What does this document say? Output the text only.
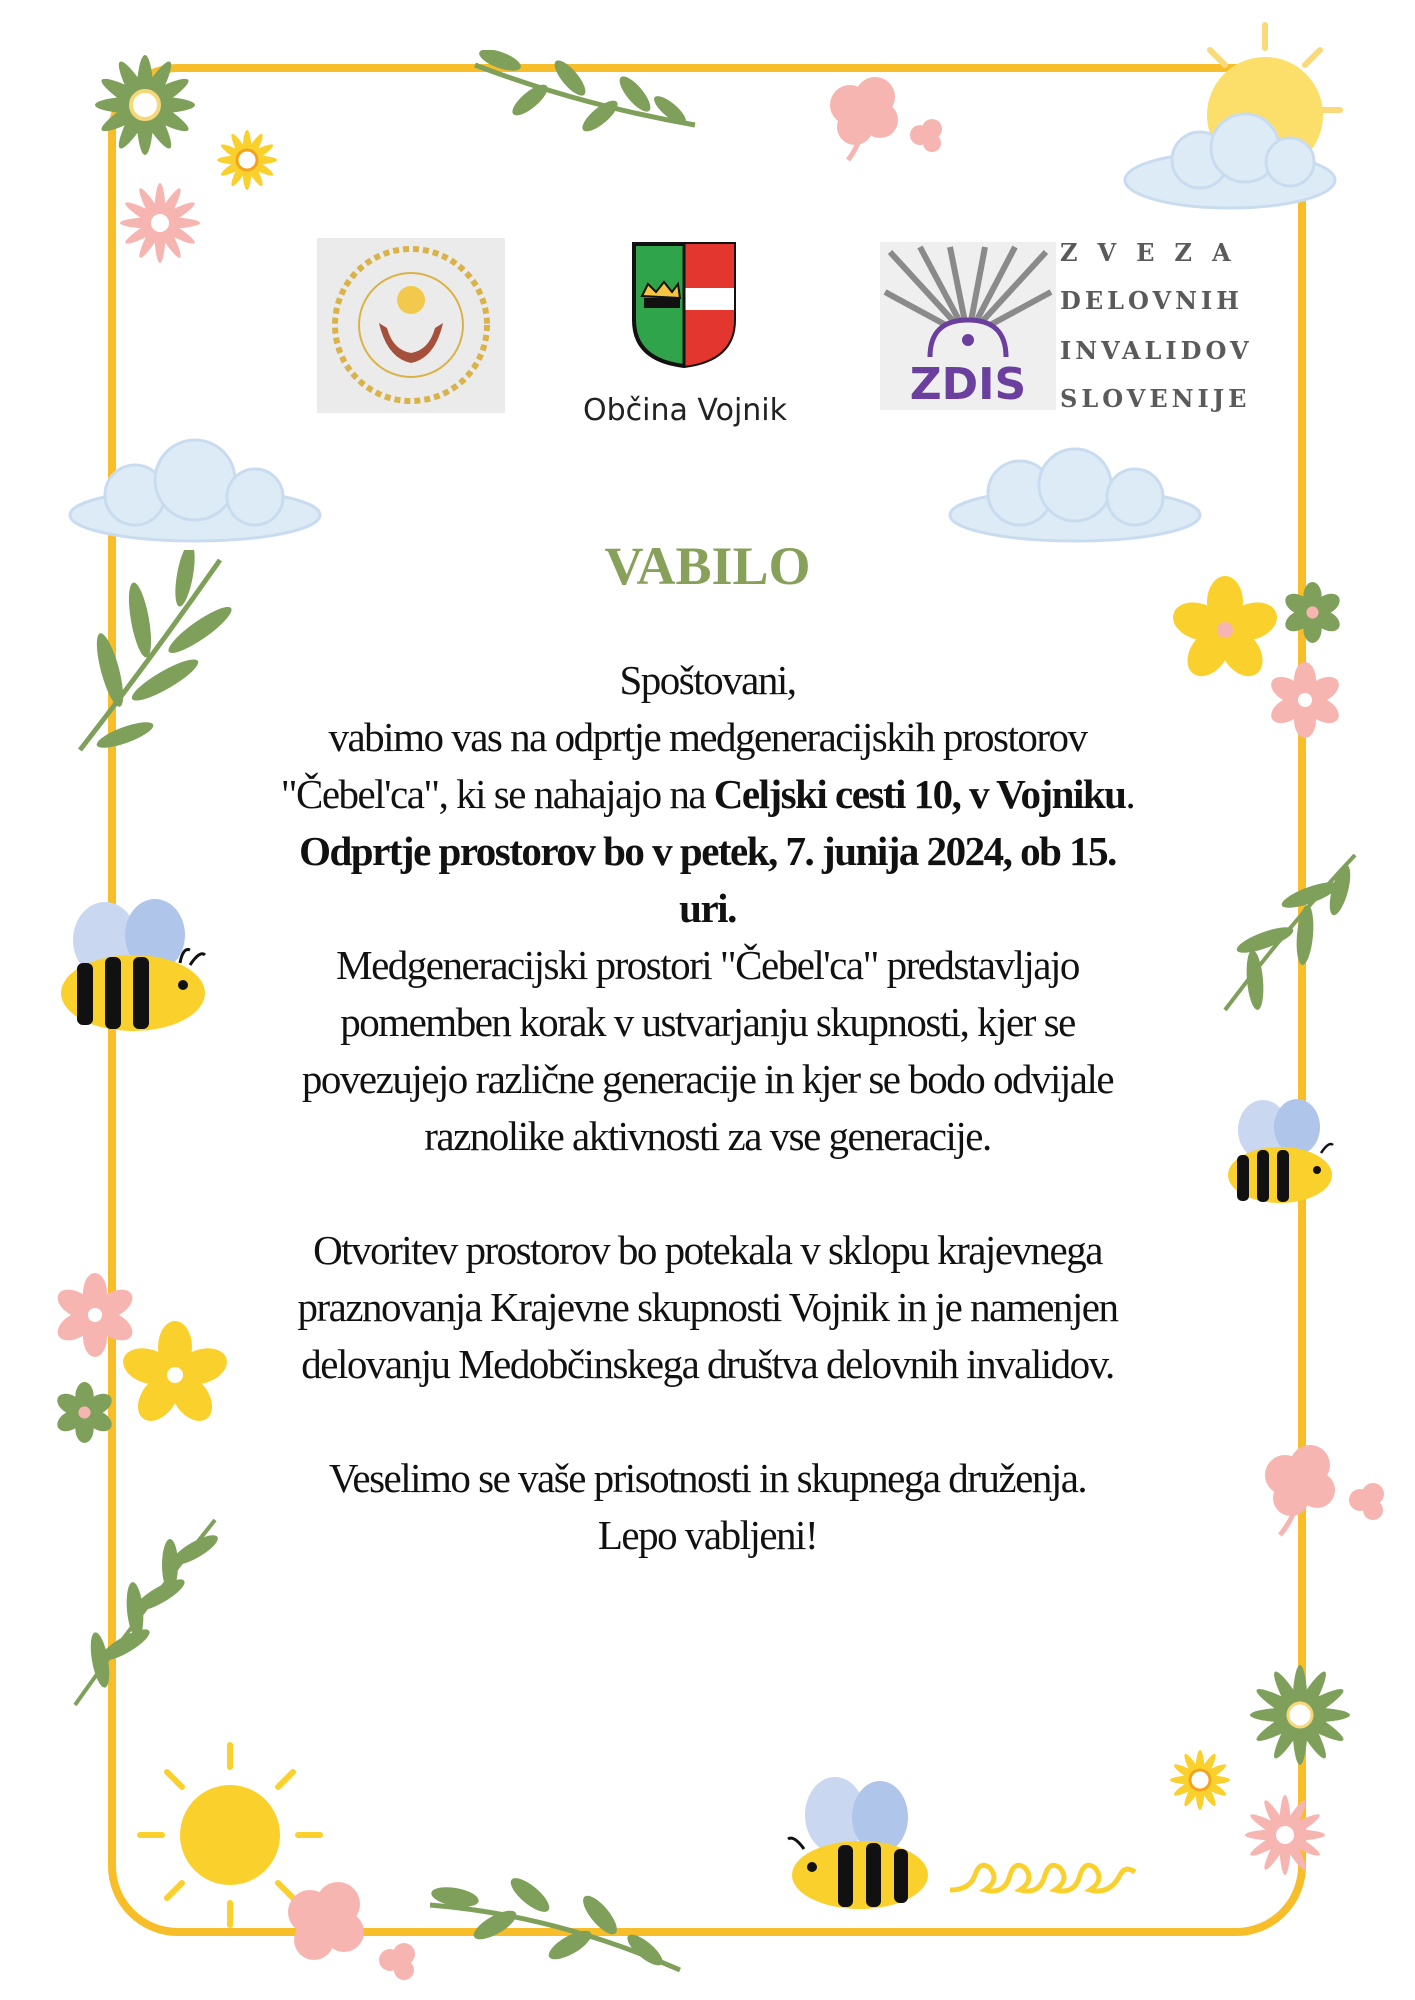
Občina Vojnik
ZDIS
ZVEZA
DELOVNIH
INVALIDOV
SLOVENIJE
VABILO
Spoštovani,
vabimo vas na odprtje medgeneracijskih prostorov
"Čebel'ca", ki se nahajajo na Celjski cesti 10, v Vojniku.
Odprtje prostorov bo v petek, 7. junija 2024, ob 15.
uri.
Medgeneracijski prostori "Čebel'ca" predstavljajo
pomemben korak v ustvarjanju skupnosti, kjer se
povezujejo različne generacije in kjer se bodo odvijale
raznolike aktivnosti za vse generacije.
Otvoritev prostorov bo potekala v sklopu krajevnega
praznovanja Krajevne skupnosti Vojnik in je namenjen
delovanju Medobčinskega društva delovnih invalidov.
Veselimo se vaše prisotnosti in skupnega druženja.
Lepo vabljeni!
